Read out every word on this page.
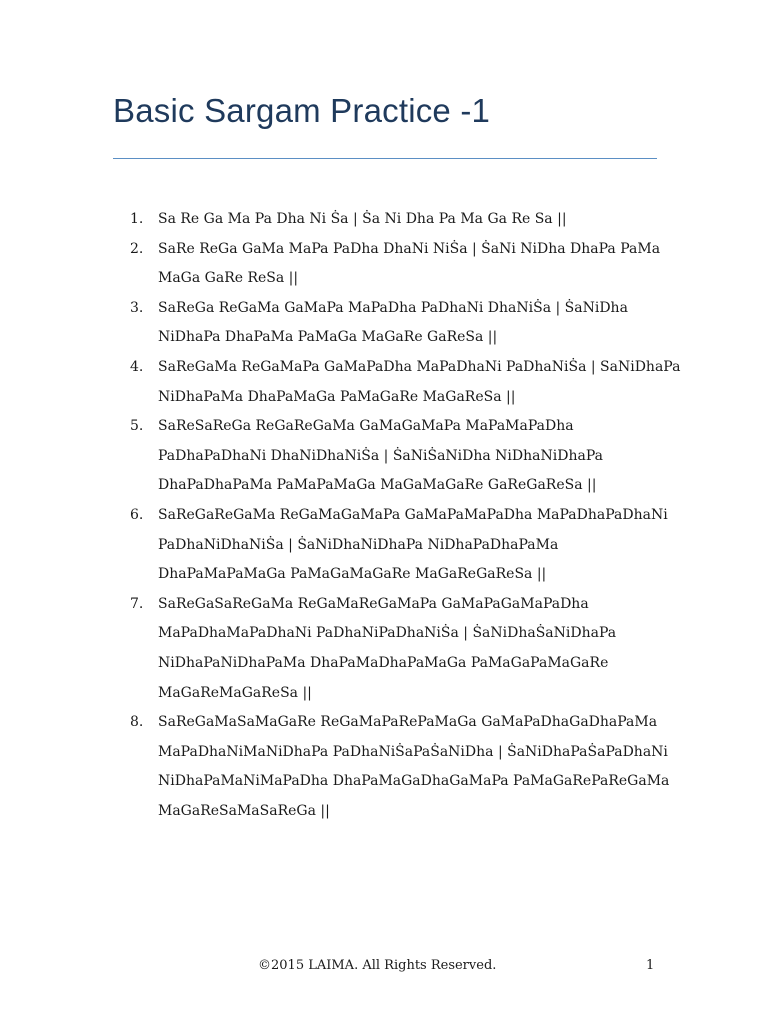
Basic Sargam Practice -1
1.	Sa Re Ga Ma Pa Dha Ni Ṡa | Ṡa Ni Dha Pa Ma Ga Re Sa ||
2.	SaRe ReGa GaMa MaPa PaDha DhaNi NiṠa | ṠaNi NiDha DhaPa PaMa
MaGa GaRe ReSa ||
3.	SaReGa ReGaMa GaMaPa MaPaDha PaDhaNi DhaNiṠa | ṠaNiDha
NiDhaPa DhaPaMa PaMaGa MaGaRe GaReSa ||
4.	SaReGaMa ReGaMaPa GaMaPaDha MaPaDhaNi PaDhaNiṠa | SaNiDhaPa
NiDhaPaMa DhaPaMaGa PaMaGaRe MaGaReSa ||
5.	SaReSaReGa ReGaReGaMa GaMaGaMaPa MaPaMaPaDha
PaDhaPaDhaNi DhaNiDhaNiṠa | ṠaNiṠaNiDha NiDhaNiDhaPa
DhaPaDhaPaMa PaMaPaMaGa MaGaMaGaRe GaReGaReSa ||
6.	SaReGaReGaMa ReGaMaGaMaPa GaMaPaMaPaDha MaPaDhaPaDhaNi
PaDhaNiDhaNiṠa | ṠaNiDhaNiDhaPa NiDhaPaDhaPaMa
DhaPaMaPaMaGa PaMaGaMaGaRe MaGaReGaReSa ||
7.	SaReGaSaReGaMa ReGaMaReGaMaPa GaMaPaGaMaPaDha
MaPaDhaMaPaDhaNi PaDhaNiPaDhaNiṠa | ṠaNiDhaṠaNiDhaPa
NiDhaPaNiDhaPaMa DhaPaMaDhaPaMaGa PaMaGaPaMaGaRe
MaGaReMaGaReSa ||
8.	SaReGaMaSaMaGaRe ReGaMaPaRePaMaGa GaMaPaDhaGaDhaPaMa
MaPaDhaNiMaNiDhaPa PaDhaNiṠaPaṠaNiDha | ṠaNiDhaPaṠaPaDhaNi
NiDhaPaMaNiMaPaDha DhaPaMaGaDhaGaMaPa PaMaGaRePaReGaMa
MaGaReSaMaSaReGa ||
©2015 LAIMA. All Rights Reserved.	1
